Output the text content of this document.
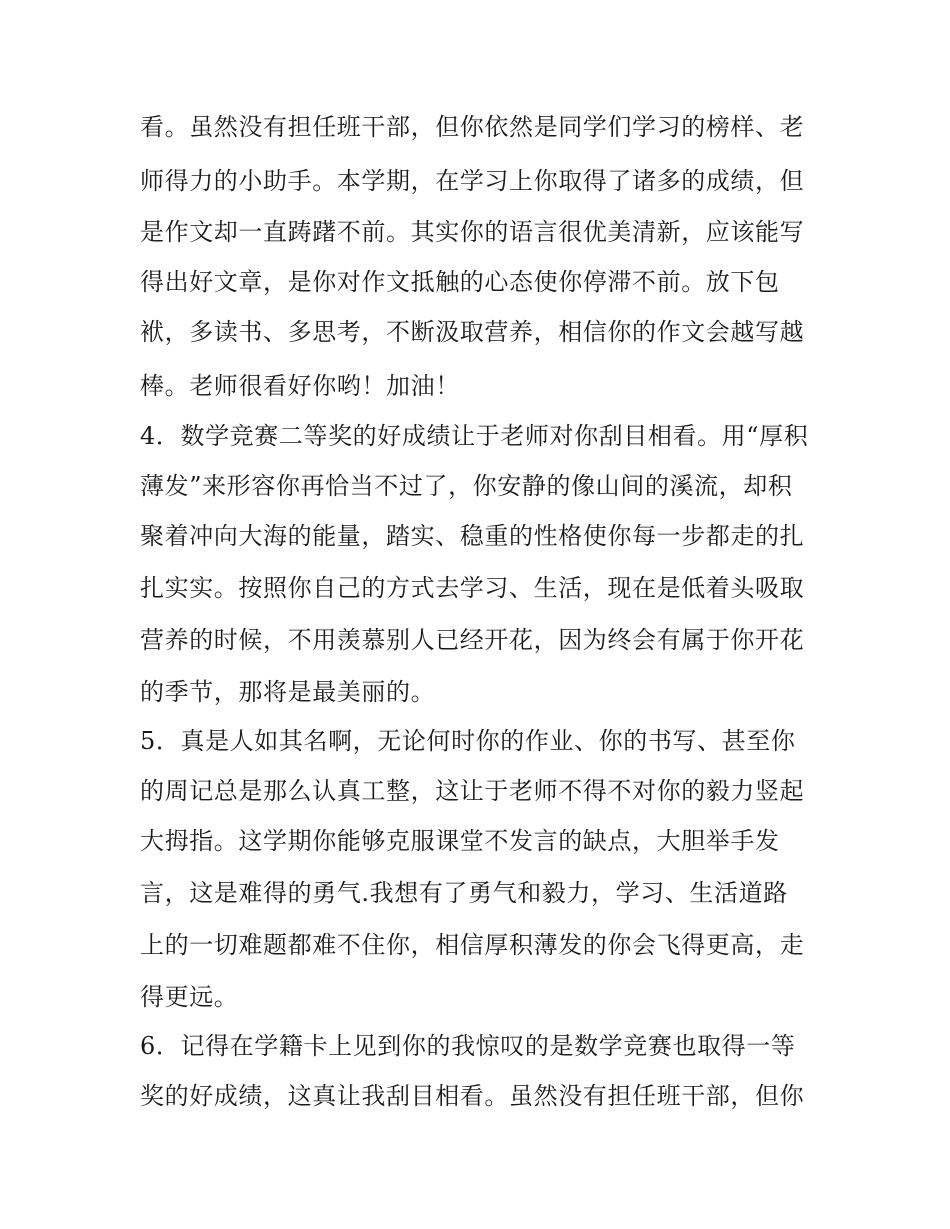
看。虽然没有担任班干部，但你依然是同学们学习的榜样、老
师得力的小助手。本学期，在学习上你取得了诸多的成绩，但
是作文却一直踌躇不前。其实你的语言很优美清新，应该能写
得出好文章，是你对作文抵触的心态使你停滞不前。放下包
袱，多读书、多思考，不断汲取营养，相信你的作文会越写越
棒。老师很看好你哟！加油！
4．数学竞赛二等奖的好成绩让于老师对你刮目相看。用“厚积
薄发”来形容你再恰当不过了，你安静的像山间的溪流，却积
聚着冲向大海的能量，踏实、稳重的性格使你每一步都走的扎
扎实实。按照你自己的方式去学习、生活，现在是低着头吸取
营养的时候，不用羡慕别人已经开花，因为终会有属于你开花
的季节，那将是最美丽的。
5．真是人如其名啊，无论何时你的作业、你的书写、甚至你
的周记总是那么认真工整，这让于老师不得不对你的毅力竖起
大拇指。这学期你能够克服课堂不发言的缺点，大胆举手发
言，这是难得的勇气.我想有了勇气和毅力，学习、生活道路
上的一切难题都难不住你，相信厚积薄发的你会飞得更高，走
得更远。
6．记得在学籍卡上见到你的我惊叹的是数学竞赛也取得一等
奖的好成绩，这真让我刮目相看。虽然没有担任班干部，但你
